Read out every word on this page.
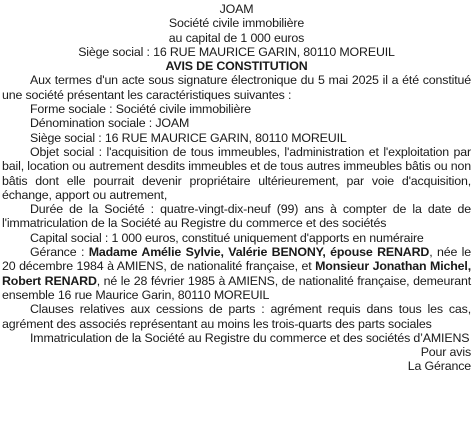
JOAM
Société civile immobilière
au capital de 1 000 euros
Siège social : 16 RUE MAURICE GARIN, 80110 MOREUIL
AVIS DE CONSTITUTION

Aux termes d'un acte sous signature électronique du 5 mai 2025 il a été constitué une société présentant les caractéristiques suivantes :

Forme sociale : Société civile immobilière
Dénomination sociale : JOAM
Siège social : 16 RUE MAURICE GARIN, 80110 MOREUIL

Objet social : l'acquisition de tous immeubles, l'administration et l'exploitation par bail, location ou autrement desdits immeubles et de tous autres immeubles bâtis ou non bâtis dont elle pourrait devenir propriétaire ultérieurement, par voie d'acquisition, échange, apport ou autrement,

Durée de la Société : quatre-vingt-dix-neuf (99) ans à compter de la date de l'immatriculation de la Société au Registre du commerce et des sociétés

Capital social : 1 000 euros, constitué uniquement d'apports en numéraire

Gérance : Madame Amélie Sylvie, Valérie BENONY, épouse RENARD, née le 20 décembre 1984 à AMIENS, de nationalité française, et Monsieur Jonathan Michel, Robert RENARD, né le 28 février 1985 à AMIENS, de nationalité française, demeurant ensemble 16 rue Maurice Garin, 80110 MOREUIL

Clauses relatives aux cessions de parts : agrément requis dans tous les cas, agrément des associés représentant au moins les trois-quarts des parts sociales

Immatriculation de la Société au Registre du commerce et des sociétés d’AMIENS
Pour avis
La Gérance
